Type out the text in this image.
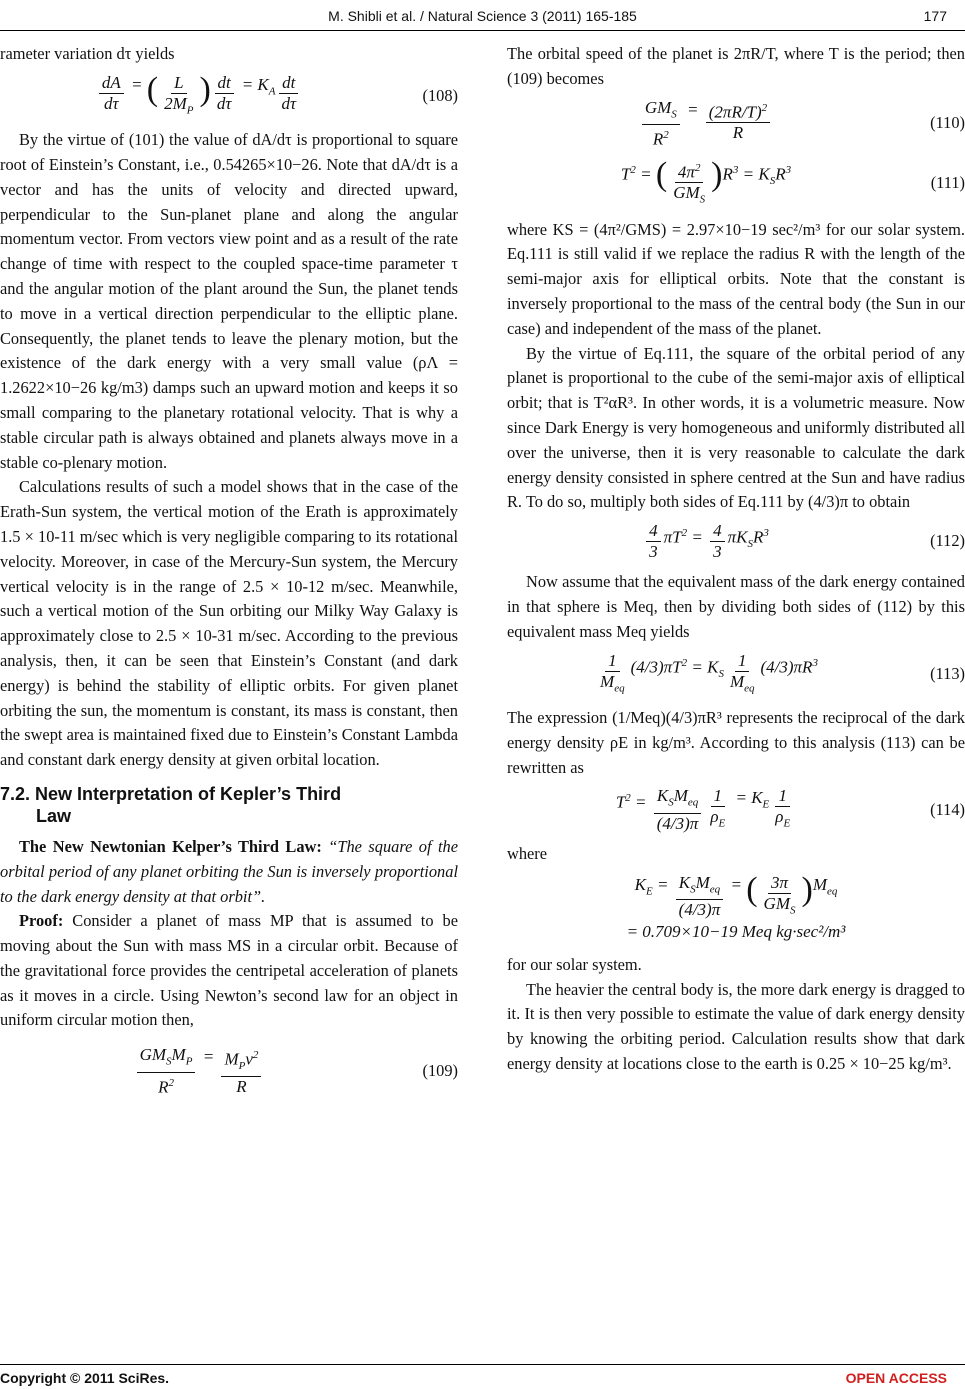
M. Shibli et al. / Natural Science 3 (2011) 165-185	177

rameter variation dτ yields

$\frac{dA}{d\tau}$ = ( $\frac{L}{2M_P}$ ) $\frac{dt}{d\tau} = K_A \frac{dt}{d\tau}$	(108)

By the virtue of (101) the value of dA/dτ is proportional to square root of Einstein’s Constant, i.e., 0.54265×10−26. Note that dA/dτ is a vector and has the units of velocity and directed upward, perpendicular to the Sun-planet plane and along the angular momentum vector. From vectors view point and as a result of the rate change of time with respect to the coupled space-time parameter τ and the angular motion of the plant around the Sun, the planet tends to move in a vertical direction perpendicular to the elliptic plane. Consequently, the planet tends to leave the plenary motion, but the existence of the dark energy with a very small value (ρΛ = 1.2622×10−26 kg/m3) damps such an upward motion and keeps it so small comparing to the planetary rotational velocity. That is why a stable circular path is always obtained and planets always move in a stable co-plenary motion.

Calculations results of such a model shows that in the case of the Erath-Sun system, the vertical motion of the Erath is approximately 1.5 × 10-11 m/sec which is very negligible comparing to its rotational velocity. Moreover, in case of the Mercury-Sun system, the Mercury vertical velocity is in the range of 2.5 × 10-12 m/sec. Meanwhile, such a vertical motion of the Sun orbiting our Milky Way Galaxy is approximately close to 2.5 × 10-31 m/sec. According to the previous analysis, then, it can be seen that Einstein’s Constant (and dark energy) is behind the stability of elliptic orbits. For given planet orbiting the sun, the momentum is constant, its mass is constant, then the swept area is maintained fixed due to Einstein’s Constant Lambda and constant dark energy density at given orbital location.

7.2. New Interpretation of Kepler’s Third
Law

The New Newtonian Kelper’s Third Law: “The square of the orbital period of any planet orbiting the Sun is inversely proportional to the dark energy density at that orbit”.

Proof: Consider a planet of mass MP that is assumed to be moving about the Sun with mass MS in a circular orbit. Because of the gravitational force provides the centripetal acceleration of planets as it moves in a circle. Using Newton’s second law for an object in uniform circular motion then,

$\frac{GM_SM_P}{R^2} = \frac{M_Pv^2}{R}$	(109)

The orbital speed of the planet is 2πR/T, where T is the period; then (109) becomes

$\frac{GM_S}{R^2} = \frac{(2\pi R/T)^2}{R}$	(110)
$T^2$ = ( $\frac{4\pi^2}{GM_S}$ ) $R^3 = K_SR^3$
(111)

where KS = (4π²/GMS) = 2.97×10−19 sec²/m³ for our solar system. Eq.111 is still valid if we replace the radius R with the length of the semi-major axis for elliptical orbits. Note that the constant is inversely proportional to the mass of the central body (the Sun in our case) and independent of the mass of the planet.

By the virtue of Eq.111, the square of the orbital period of any planet is proportional to the cube of the semi-major axis of elliptical orbit; that is T²αR³. In other words, it is a volumetric measure. Now since Dark Energy is very homogeneous and uniformly distributed all over the universe, then it is very reasonable to calculate the dark energy density consisted in sphere centred at the Sun and have radius R. To do so, multiply both sides of Eq.111 by (4/3)π to obtain

$\frac{4}{3} \pi T^2 = \frac{4}{3} \pi K_SR^3$	(112)

Now assume that the equivalent mass of the dark energy contained in that sphere is Meq, then by dividing both sides of (112) by this equivalent mass Meq yields

$\frac{1}{M_{eq}} (4/3)\pi T^2 = K_S \frac{1}{M_{eq}} (4/3)\pi R^3$
(113)

The expression (1/Meq)(4/3)πR³ represents the reciprocal of the dark energy density ρE in kg/m³. According to this analysis (113) can be rewritten as

$T^2 = \frac{K_SM_{eq}}{(4/3)\pi} \frac{1}{\rho_E} = K_E \frac{1}{\rho_E}$	(114)

where

$K_E = \frac{K_SM_{eq}}{(4/3)\pi}$ = ( $\frac{3\pi}{GM_S}$ ) $M_{eq}$
= 0.709×10−19 Meq kg·sec²/m³

for our solar system.

The heavier the central body is, the more dark energy is dragged to it. It is then very possible to estimate the value of dark energy density by knowing the orbiting period. Calculation results show that dark energy density at locations close to the earth is 0.25 × 10−25 kg/m³.

Copyright © 2011 SciRes.	OPEN ACCESS
